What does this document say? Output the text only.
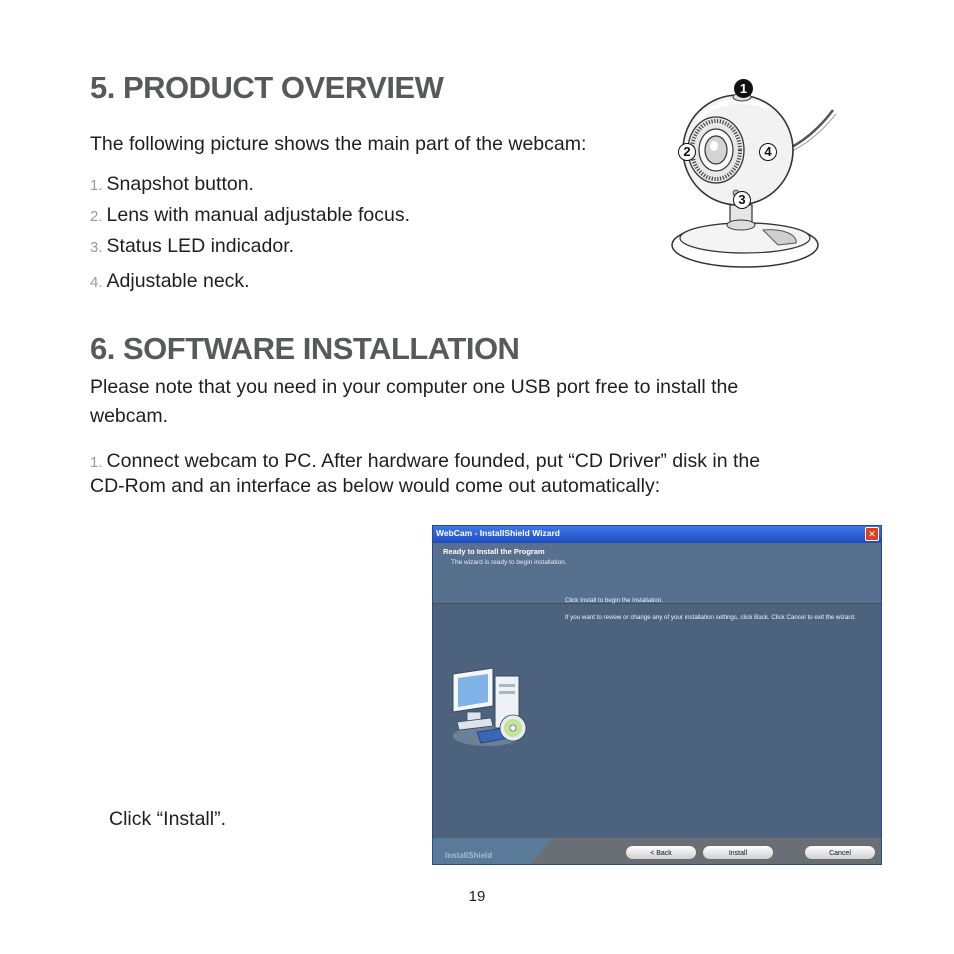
5. PRODUCT OVERVIEW

The following picture shows the main part of the webcam:

1. Snapshot button.

2. Lens with manual adjustable focus.

3. Status LED indicador.

4. Adjustable neck.

1
2
3
4
6. SOFTWARE INSTALLATION

Please note that you need in your computer one USB port free to install the

webcam.

1. Connect webcam to PC. After hardware founded, put “CD Driver” disk in the

CD-Rom and an interface as below would come out automatically:

Click “Install”.

WebCam - InstallShield Wizard	✕
Ready to Install the Program
The wizard is ready to begin installation.

Click Install to begin the installation.

If you want to review or change any of your installation settings, click Back. Click Cancel to exit the wizard.

InstallShield	< Back	Install	Cancel

19
